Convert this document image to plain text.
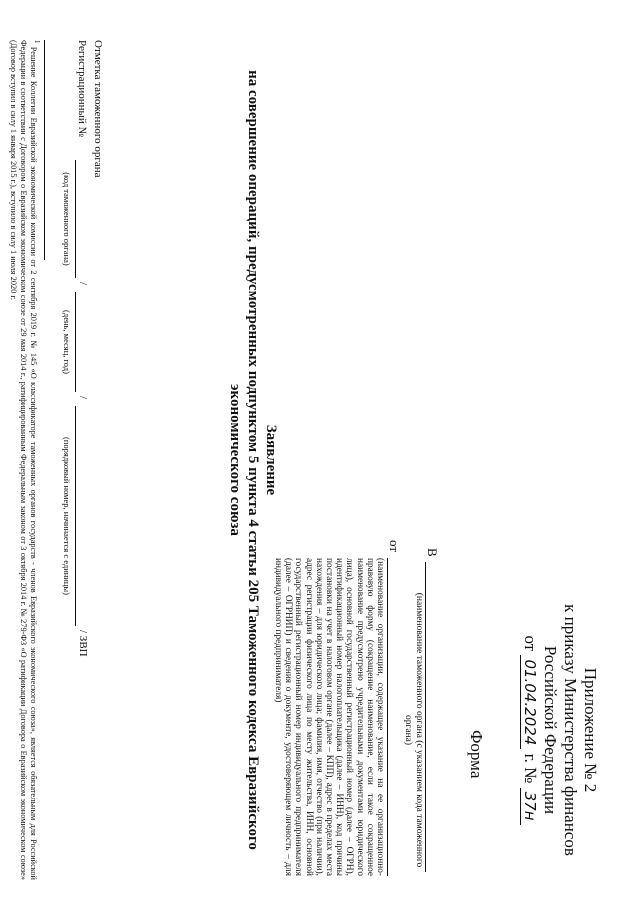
Приложение № 2
к приказу Министерства финансов
Российской Федерации
от 01.04.2024 г. № 37н
Форма
В
(наименование таможенного органа (с указанием кода таможенного органа)
от
(наименование организации, содержащее указание на ее организационно-правовую форму (сокращение наименование, если такое сокращенное наименование предусмотрено учредительными документами юридического лица), основной государственный регистрационный номер (далее – ОГРН), идентификационный номер налогоплательщика (далее – ИНН), код причины постановки на учет в налоговом органе (далее – КПП), адрес в пределах места нахождения – для юридического лица; фамилия, имя, отчество (при наличии), адрес регистрации физического лица по месту жительства, ИНН, основной государственный регистрационный номер индивидуального предпринимателя (далее – ОГРНИП) и сведения о документе, удостоверяющем личность – для индивидуального предпринимателя)
Заявление
на совершение операций, предусмотренных подпунктом 5 пункта 4 статьи 205 Таможенного кодекса Евразийского
экономического союза
Отметка таможенного органа
Регистрационный №
/
/
/ ЗВП
(код таможенного органа)
(день, месяц, год)
(порядковый номер, начинается с единицы)
$^1$ Решение Коллегии Евразийской экономической комиссии от 2 сентября 2019 г. № 145 «О классификаторе таможенных органов государств - членов Евразийского экономического союза», является обязательным для Российской Федерации в соответствии с Договором о Евразийском экономическом союзе от 29 мая 2014 г., ратифицированным Федеральным законом от 3 октября 2014 г. № 279-ФЗ «О ратификации Договора о Евразийском экономическом союзе» (Договор вступил в силу 1 января 2015 г.), вступило в силу 1 июля 2020 г.
